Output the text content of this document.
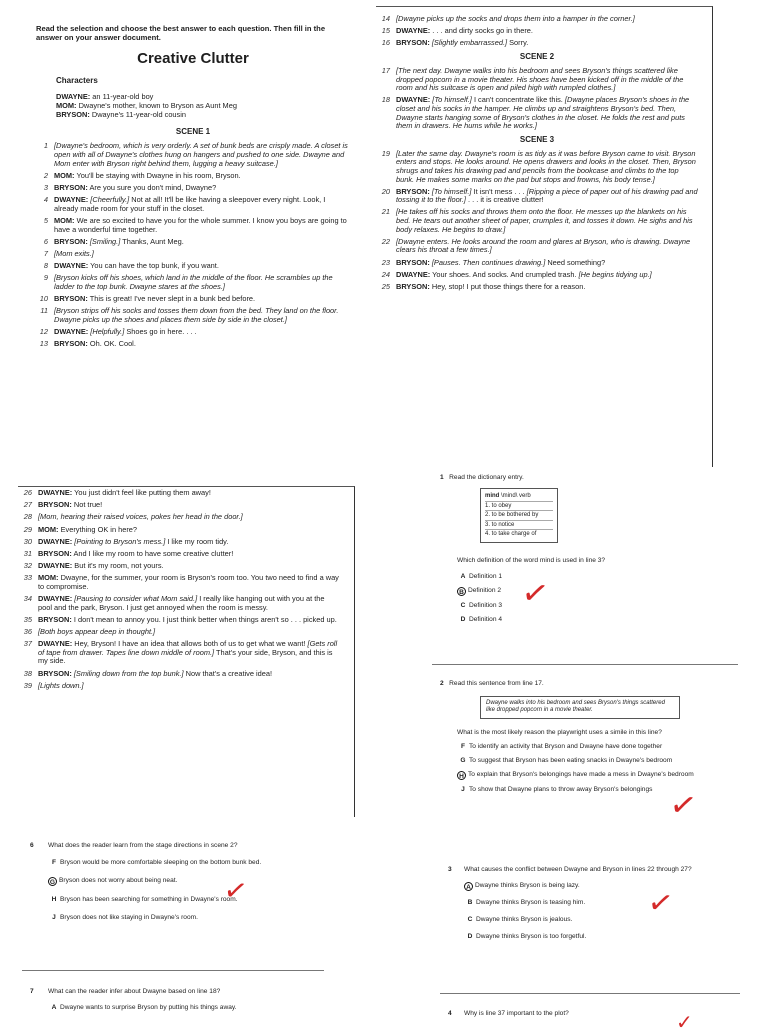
Read the selection and choose the best answer to each question. Then fill in the answer on your answer document.
Creative Clutter
Characters
DWAYNE: an 11-year-old boy
MOM: Dwayne's mother, known to Bryson as Aunt Meg
BRYSON: Dwayne's 11-year-old cousin
SCENE 1
1 [Dwayne's bedroom, which is very orderly. A set of bunk beds are crisply made. A closet is open with all of Dwayne's clothes hung on hangers and pushed to one side. Dwayne and Mom enter with Bryson right behind them, lugging a heavy suitcase.]
2 MOM: You'll be staying with Dwayne in his room, Bryson.
3 BRYSON: Are you sure you don't mind, Dwayne?
4 DWAYNE: [Cheerfully.] Not at all! It'll be like having a sleepover every night. Look, I already made room for your stuff in the closet.
5 MOM: We are so excited to have you for the whole summer. I know you boys are going to have a wonderful time together.
6 BRYSON: [Smiling.] Thanks, Aunt Meg.
7 [Mom exits.]
8 DWAYNE: You can have the top bunk, if you want.
9 [Bryson kicks off his shoes, which land in the middle of the floor. He scrambles up the ladder to the top bunk. Dwayne stares at the shoes.]
10 BRYSON: This is great! I've never slept in a bunk bed before.
11 [Bryson strips off his socks and tosses them down from the bed. They land on the floor. Dwayne picks up the shoes and places them side by side in the closet.]
12 DWAYNE: [Helpfully.] Shoes go in here. . . .
13 BRYSON: Oh. OK. Cool.
14 [Dwayne picks up the socks and drops them into a hamper in the corner.]
15 DWAYNE: . . . and dirty socks go in there.
16 BRYSON: [Slightly embarrassed.] Sorry.
SCENE 2
17 [The next day. Dwayne walks into his bedroom and sees Bryson's things scattered like dropped popcorn in a movie theater. His shoes have been kicked off in the middle of the room and his suitcase is open and piled high with rumpled clothes.]
18 DWAYNE: [To himself.] I can't concentrate like this. [Dwayne places Bryson's shoes in the closet and his socks in the hamper. He climbs up and straightens Bryson's bed. Then, Dwayne starts hanging some of Bryson's clothes in the closet. He folds the rest and puts them in drawers. He hums while he works.]
SCENE 3
19 [Later the same day. Dwayne's room is as tidy as it was before Bryson came to visit. Bryson enters and stops. He looks around. He opens drawers and looks in the closet. Then, Bryson shrugs and takes his drawing pad and pencils from the bookcase and climbs to the top bunk. He makes some marks on the pad but stops and frowns, his body tense.]
20 BRYSON: [To himself.] It isn't mess . . . [Ripping a piece of paper out of his drawing pad and tossing it to the floor.] . . . it is creative clutter!
21 [He takes off his socks and throws them onto the floor. He messes up the blankets on his bed. He tears out another sheet of paper, crumples it, and tosses it down. He sighs and his body relaxes. He begins to draw.]
22 [Dwayne enters. He looks around the room and glares at Bryson, who is drawing. Dwayne clears his throat a few times.]
23 BRYSON: [Pauses. Then continues drawing.] Need something?
24 DWAYNE: Your shoes. And socks. And crumpled trash. [He begins tidying up.]
25 BRYSON: Hey, stop! I put those things there for a reason.
26 DWAYNE: You just didn't feel like putting them away!
27 BRYSON: Not true!
28 [Mom, hearing their raised voices, pokes her head in the door.]
29 MOM: Everything OK in here?
30 DWAYNE: [Pointing to Bryson's mess.] I like my room tidy.
31 BRYSON: And I like my room to have some creative clutter!
32 DWAYNE: But it's my room, not yours.
33 MOM: Dwayne, for the summer, your room is Bryson's room too. You two need to find a way to compromise.
34 DWAYNE: [Pausing to consider what Mom said.] I really like hanging out with you at the pool and the park, Bryson. I just get annoyed when the room is messy.
35 BRYSON: I don't mean to annoy you. I just think better when things aren't so . . . picked up.
36 [Both boys appear deep in thought.]
37 DWAYNE: Hey, Bryson! I have an idea that allows both of us to get what we want! [Gets roll of tape from drawer. Tapes line down middle of room.] That's your side, Bryson, and this is my side.
38 BRYSON: [Smiling down from the top bunk.] Now that's a creative idea!
39 [Lights down.]
1 Read the dictionary entry.
mind \mind\ verb
1. to obey
2. to be bothered by
3. to notice
4. to take charge of
Which definition of the word mind is used in line 3?
A Definition 1
B Definition 2
C Definition 3
D Definition 4
✓
2 Read this sentence from line 17.
Dwayne walks into his bedroom and sees Bryson's things scattered like dropped popcorn in a movie theater.
What is the most likely reason the playwright uses a simile in this line?
F To identify an activity that Bryson and Dwayne have done together
G To suggest that Bryson has been eating snacks in Dwayne's bedroom
H To explain that Bryson's belongings have made a mess in Dwayne's bedroom
J To show that Dwayne plans to throw away Bryson's belongings ✓
3	What causes the conflict between Dwayne and Bryson in lines 22 through 27?
A Dwayne thinks Bryson is being lazy.
B Dwayne thinks Bryson is teasing him.
C Dwayne thinks Bryson is jealous.
D Dwayne thinks Bryson is too forgetful.
✓
4	Why is line 37 important to the plot?	✓
6	What does the reader learn from the stage directions in scene 2?
F Bryson would be more comfortable sleeping on the bottom bunk bed.
G Bryson does not worry about being neat.
H Bryson has been searching for something in Dwayne's room.
J Bryson does not like staying in Dwayne's room.
✓
7	What can the reader infer about Dwayne based on line 18?
A Dwayne wants to surprise Bryson by putting his things away.
